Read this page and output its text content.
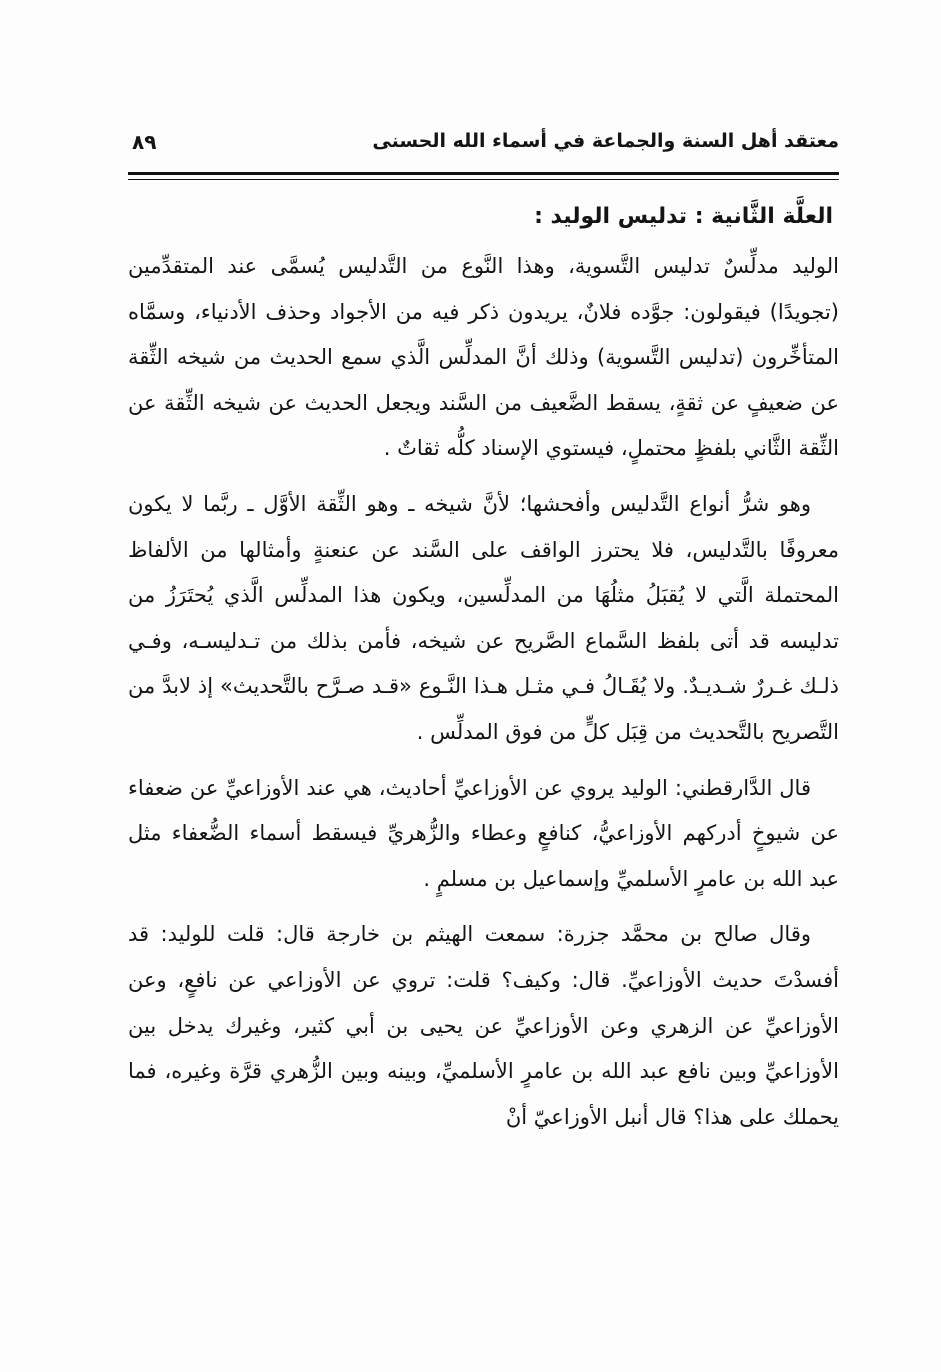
معتقد أهل السنة والجماعة في أسماء الله الحسنى
٨٩
العلَّة الثَّانية : تدليس الوليد :

الوليد مدلِّسٌ تدليس التَّسوية، وهذا النَّوع من التَّدليس يُسمَّى عند المتقدِّمين (تجويدًا) فيقولون: جوَّده فلانٌ، يريدون ذكر فيه من الأجواد وحذف الأدنياء، وسمَّاه المتأخِّرون (تدليس التَّسوية) وذلك أنَّ المدلِّس الَّذي سمع الحديث من شيخه الثِّقة عن ضعيفٍ عن ثقةٍ، يسقط الضَّعيف من السَّند ويجعل الحديث عن شيخه الثِّقة عن الثِّقة الثَّاني بلفظٍ محتملٍ، فيستوي الإسناد كلُّه ثقاتٌ .

وهو شرُّ أنواع التَّدليس وأفحشها؛ لأنَّ شيخه ـ وهو الثِّقة الأوَّل ـ ربَّما لا يكون معروفًا بالتَّدليس، فلا يحترز الواقف على السَّند عن عنعنةٍ وأمثالها من الألفاظ المحتملة الَّتي لا يُقبَلُ مثلُهَا من المدلِّسين، ويكون هذا المدلِّس الَّذي يُحتَرَزُ من تدليسه قد أتى بلفظ السَّماع الصَّريح عن شيخه، فأمن بذلك من تـدليسـه، وفـي ذلـك غـررٌ شـديـدٌ. ولا يُقَـالُ فـي مثـل هـذا النَّـوع «قـد صـرَّح بالتَّحديث» إذ لابدَّ من التَّصريح بالتَّحديث من قِبَل كلٍّ من فوق المدلِّس .

قال الدَّارقطني: الوليد يروي عن الأوزاعيِّ أحاديث، هي عند الأوزاعيِّ عن ضعفاء عن شيوخٍ أدركهم الأوزاعيُّ، كنافعٍ وعطاء والزُّهريِّ فيسقط أسماء الضُّعفاء مثل عبد الله بن عامرٍ الأسلميِّ وإسماعيل بن مسلمٍ .

وقال صالح بن محمَّد جزرة: سمعت الهيثم بن خارجة قال: قلت للوليد: قد أفسدْتَ حديث الأوزاعيِّ. قال: وكيف؟ قلت: تروي عن الأوزاعي عن نافعٍ، وعن الأوزاعيِّ عن الزهري وعن الأوزاعيِّ عن يحيى بن أبي كثير، وغيرك يدخل بين الأوزاعيِّ وبين نافع عبد الله بن عامرٍ الأسلميِّ، وبينه وبين الزُّهري قرَّة وغيره، فما يحملك على هذا؟ قال أنبل الأوزاعيّ أنْ
